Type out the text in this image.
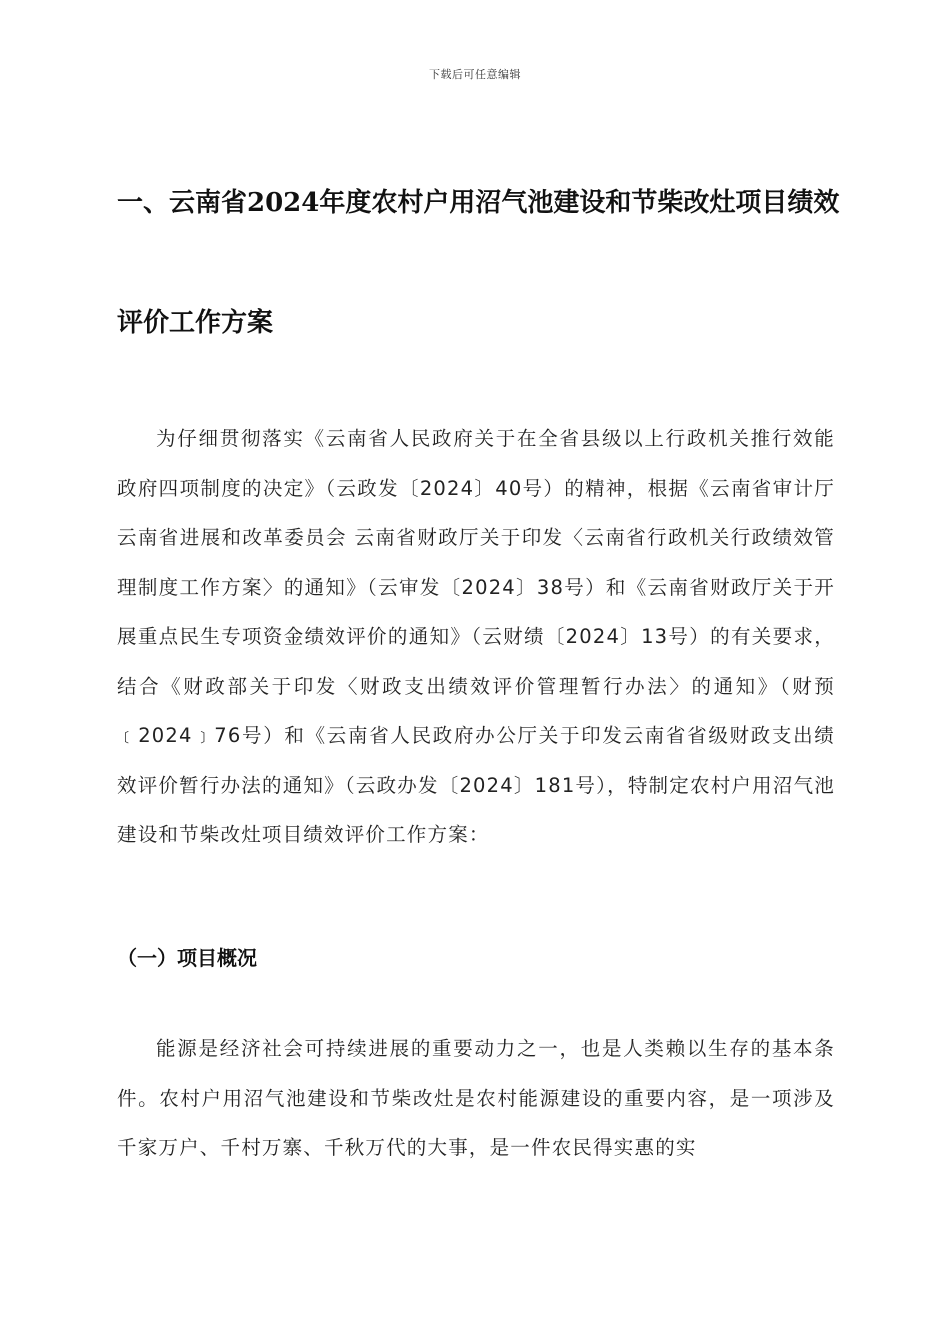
下载后可任意编辑
一、云南省2024年度农村户用沼气池建设和节柴改灶项目绩效
评价工作方案

为仔细贯彻落实《云南省人民政府关于在全省县级以上行政机关推行效能政府四项制度的决定》（云政发〔2024〕40号）的精神，根据《云南省审计厅 云南省进展和改革委员会 云南省财政厅关于印发〈云南省行政机关行政绩效管理制度工作方案〉的通知》（云审发〔2024〕38号）和《云南省财政厅关于开展重点民生专项资金绩效评价的通知》（云财绩〔2024〕13号）的有关要求，结合《财政部关于印发〈财政支出绩效评价管理暂行办法〉的通知》（财预﹝2024﹞76号）和《云南省人民政府办公厅关于印发云南省省级财政支出绩效评价暂行办法的通知》（云政办发〔2024〕181号），特制定农村户用沼气池建设和节柴改灶项目绩效评价工作方案：

（一）项目概况

能源是经济社会可持续进展的重要动力之一，也是人类赖以生存的基本条件。农村户用沼气池建设和节柴改灶是农村能源建设的重要内容，是一项涉及千家万户、千村万寨、千秋万代的大事，是一件农民得实惠的实
